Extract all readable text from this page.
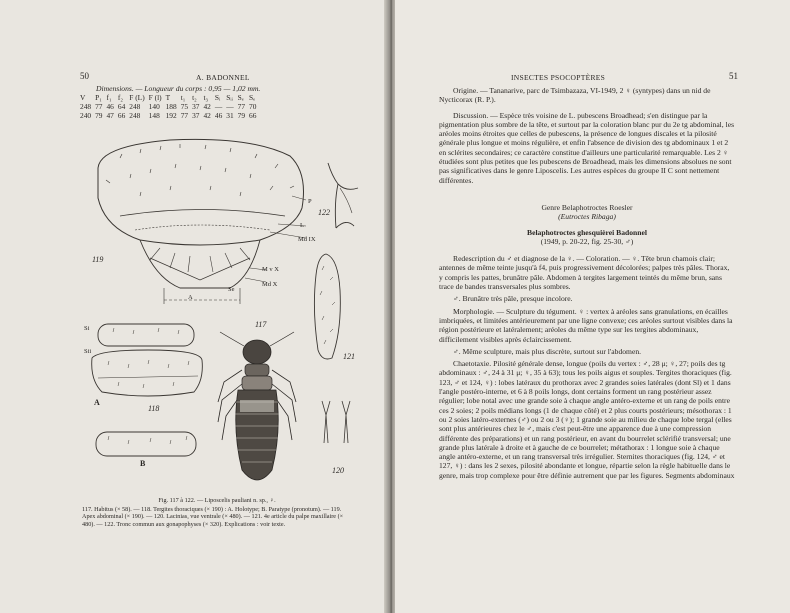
50	A. BADONNEL
Dimensions. — Longueur du corps : 0,95 — 1,02 mm.
V	P₁	f₁	f₂	F (L)	F (l)	T	t₁	t₂	t₃	Sᵢ	Sᵢᵢ	Sₑ	Sₑ
248	77	46	64	248	140	188	75	37	42	—	—	77	70
240	79	47	66	248	148	192	77	37	42	46	31	79	66
119
P
L
Md IX
M v X
Md X
A
Se
122
121
120
Si
Sii
A
118
B
117
Fig. 117 à 122. — Liposcelis pauliani n. sp., ♀.
117. Habitus (× 58). — 118. Tergites thoraciques (× 190) : A. Holotype; B. Paratype (pronotum). — 119. Apex abdominal (× 190). — 120. Lacinias, vue ventrale (× 480). — 121. 4e article du palpe maxillaire (× 480). — 122. Tronc commun aux gonapophyses (× 320). Explications : voir texte.
INSECTES PSOCOPTÈRES	51

Origine. — Tananarive, parc de Tsimbazaza, VI-1949, 2 ♀ (syntypes) dans un nid de Nycticorax (R. P.).

Discussion. — Espèce très voisine de L. pubescens Broadhead; s'en distingue par la pigmentation plus sombre de la tête, et surtout par la coloration blanc pur du 2e tg abdominal, les aréoles moins étroites que celles de pubescens, la présence de longues discales et la pilosité générale plus longue et moins régulière, et enfin l'absence de division des tg abdominaux 1 et 2 en sclérites secondaires; ce caractère constitue d'ailleurs une particularité remarquable. Les 2 ♀ étudiées sont plus petites que les pubescens de Broadhead, mais les dimensions absolues ne sont pas significatives dans le genre Liposcelis. Les autres espèces du groupe II C sont nettement différentes.

Genre Belaphotroctes Roesler
(Eutroctes Ribaga)
Belaphotroctes ghesquièrei Badonnel
(1949, p. 20-22, fig. 25-30, ♂)

Redescription du ♂ et diagnose de la ♀. — Coloration. — ♀. Tête brun chamois clair; antennes de même teinte jusqu'à f4, puis progressivement décolorées; palpes très pâles. Thorax, y compris les pattes, brunâtre pâle. Abdomen à tergites largement teintés du même brun, sans trace de bandes transversales plus sombres.

♂. Brunâtre très pâle, presque incolore.

Morphologie. — Sculpture du tégument. ♀ : vertex à aréoles sans granulations, en écailles imbriquées, et limitées antérieurement par une ligne convexe; ces aréoles surtout visibles dans la région postérieure et latéralement; aréoles du même type sur les tergites abdominaux, difficilement visibles après éclaircissement.

♂. Même sculpture, mais plus discrète, surtout sur l'abdomen.

Chaetotaxie. Pilosité générale dense, longue (poils du vertex : ♂, 28 μ; ♀, 27; poils des tg abdominaux : ♂, 24 à 31 μ; ♀, 35 à 63); tous les poils aigus et souples. Tergites thoraciques (fig. 123, ♂ et 124, ♀) : lobes latéraux du prothorax avec 2 grandes soies latérales (dont Sl) et 1 dans l'angle postéro-interne, et 6 à 8 poils longs, dont certains forment un rang postérieur assez régulier; lobe notal avec une grande soie à chaque angle antéro-externe et un rang de poils entre ces 2 soies; 2 poils médians longs (1 de chaque côté) et 2 plus courts postérieurs; mésothorax : 1 ou 2 soies latéro-externes (♂) ou 2 ou 3 (♀); 1 grande soie au milieu de chaque lobe tergal (elles sont plus antérieures chez le ♂, mais c'est peut-être une apparence due à une compression différente des préparations) et un rang postérieur, en avant du bourrelet sclérifié transversal; une grande plus latérale à droite et à gauche de ce bourrelet; métathorax : 1 longue soie à chaque angle antéro-externe, et un rang transversal très irrégulier. Sternites thoraciques (fig. 124, ♂ et 127, ♀) : dans les 2 sexes, pilosité abondante et longue, répartie selon la règle habituelle dans le genre, mais trop complexe pour être définie autrement que par les figures. Segments abdominaux
